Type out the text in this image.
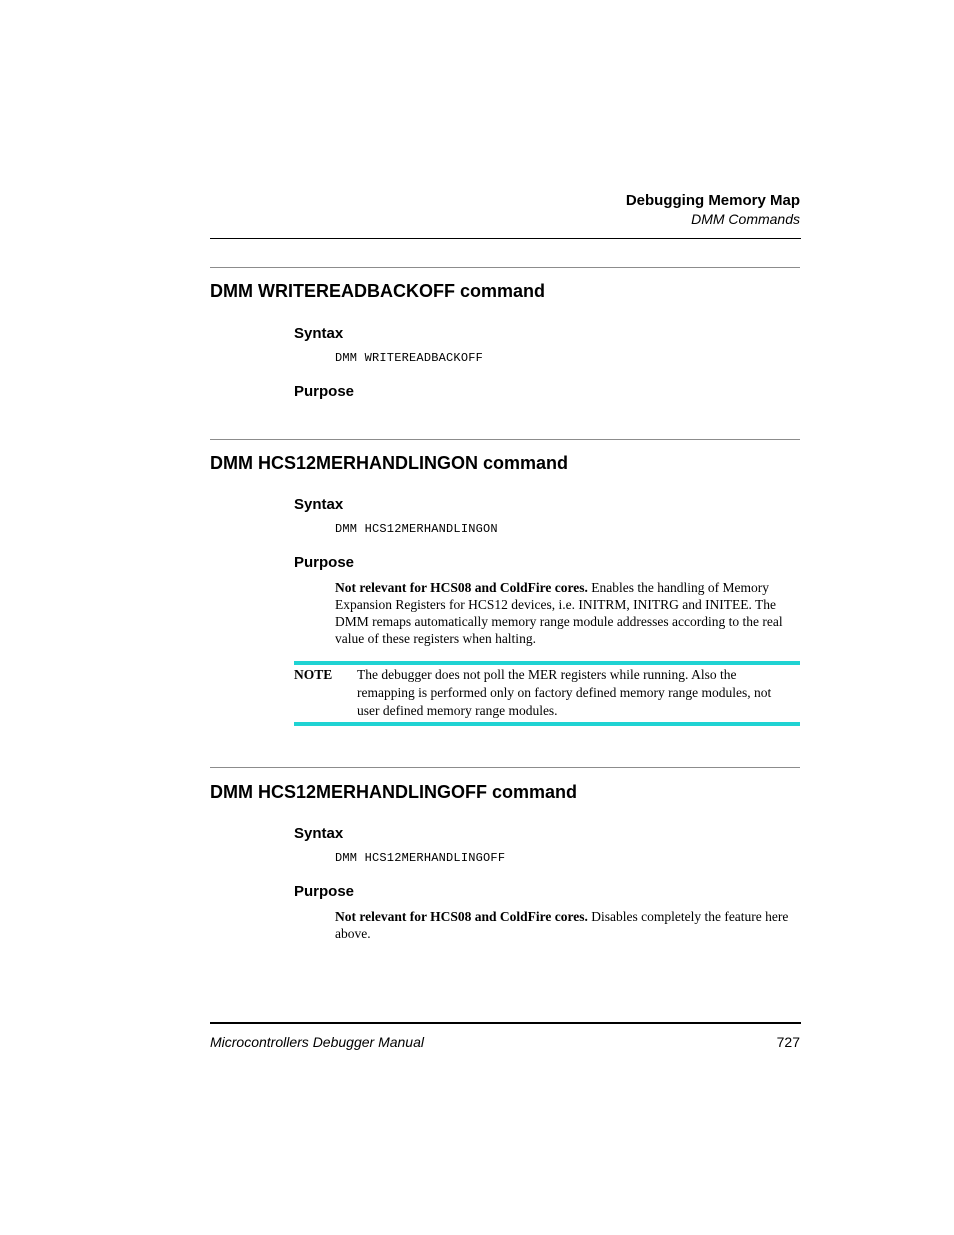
Debugging Memory Map
DMM Commands
DMM WRITEREADBACKOFF command
Syntax
DMM WRITEREADBACKOFF
Purpose
DMM HCS12MERHANDLINGON command
Syntax
DMM HCS12MERHANDLINGON
Purpose

Not relevant for HCS08 and ColdFire cores. Enables the handling of Memory Expansion Registers for HCS12 devices, i.e. INITRM, INITRG and INITEE. The DMM remaps automatically memory range module addresses according to the real value of these registers when halting.

NOTE The debugger does not poll the MER registers while running. Also the remapping is performed only on factory defined memory range modules, not user defined memory range modules.

DMM HCS12MERHANDLINGOFF command
Syntax
DMM HCS12MERHANDLINGOFF
Purpose

Not relevant for HCS08 and ColdFire cores. Disables completely the feature here above.

Microcontrollers Debugger Manual	727
